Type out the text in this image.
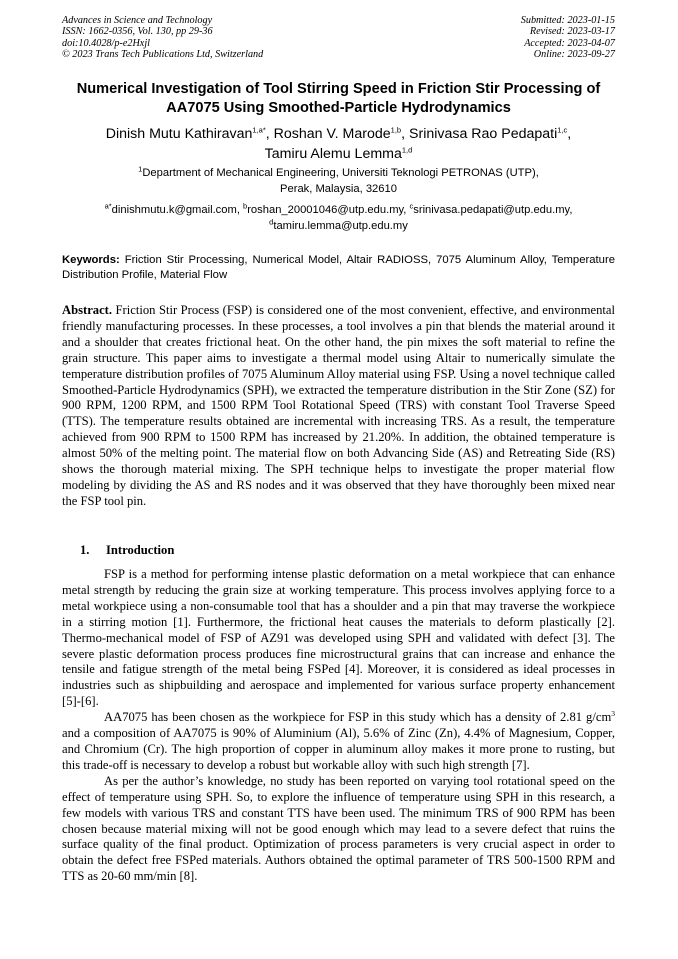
Advances in Science and Technology
ISSN: 1662-0356, Vol. 130, pp 29-36
doi:10.4028/p-e2Hxjl
© 2023 Trans Tech Publications Ltd, Switzerland
Submitted: 2023-01-15
Revised: 2023-03-17
Accepted: 2023-04-07
Online: 2023-09-27
Numerical Investigation of Tool Stirring Speed in Friction Stir Processing of AA7075 Using Smoothed-Particle Hydrodynamics
Dinish Mutu Kathiravan$^{1,a*}$, Roshan V. Marode$^{1,b}$, Srinivasa Rao Pedapati$^{1,c}$,
Tamiru Alemu Lemma$^{1,d}$
$^1$Department of Mechanical Engineering, Universiti Teknologi PETRONAS (UTP),
Perak, Malaysia, 32610
$^{a*}$dinishmutu.k@gmail.com, $^b$roshan_20001046@utp.edu.my, $^c$srinivasa.pedapati@utp.edu.my,
$^d$tamiru.lemma@utp.edu.my
Keywords: Friction Stir Processing, Numerical Model, Altair RADIOSS, 7075 Aluminum Alloy, Temperature Distribution Profile, Material Flow
Abstract. Friction Stir Process (FSP) is considered one of the most convenient, effective, and environmental friendly manufacturing processes. In these processes, a tool involves a pin that blends the material around it and a shoulder that creates frictional heat. On the other hand, the pin mixes the soft material to refine the grain structure. This paper aims to investigate a thermal model using Altair to numerically simulate the temperature distribution profiles of 7075 Aluminum Alloy material using FSP. Using a novel technique called Smoothed-Particle Hydrodynamics (SPH), we extracted the temperature distribution in the Stir Zone (SZ) for 900 RPM, 1200 RPM, and 1500 RPM Tool Rotational Speed (TRS) with constant Tool Traverse Speed (TTS). The temperature results obtained are incremental with increasing TRS. As a result, the temperature achieved from 900 RPM to 1500 RPM has increased by 21.20%. In addition, the obtained temperature is almost 50% of the melting point. The material flow on both Advancing Side (AS) and Retreating Side (RS) shows the thorough material mixing. The SPH technique helps to investigate the proper material flow modeling by dividing the AS and RS nodes and it was observed that they have thoroughly been mixed near the FSP tool pin.
1. Introduction

FSP is a method for performing intense plastic deformation on a metal workpiece that can enhance metal strength by reducing the grain size at working temperature. This process involves applying force to a metal workpiece using a non-consumable tool that has a shoulder and a pin that may traverse the workpiece in a stirring motion [1]. Furthermore, the frictional heat causes the materials to deform plastically [2]. Thermo-mechanical model of FSP of AZ91 was developed using SPH and validated with defect [3]. The severe plastic deformation process produces fine microstructural grains that can increase and enhance the tensile and fatigue strength of the metal being FSPed [4]. Moreover, it is considered as ideal processes in industries such as shipbuilding and aerospace and implemented for various surface property enhancement [5]-[6].

AA7075 has been chosen as the workpiece for FSP in this study which has a density of 2.81 $g/cm^3$ and a composition of AA7075 is 90% of Aluminium (Al), 5.6% of Zinc (Zn), 4.4% of Magnesium, Copper, and Chromium (Cr). The high proportion of copper in aluminum alloy makes it more prone to rusting, but this trade-off is necessary to develop a robust but workable alloy with such high strength [7].

As per the author’s knowledge, no study has been reported on varying tool rotational speed on the effect of temperature using SPH. So, to explore the influence of temperature using SPH in this research, a few models with various TRS and constant TTS have been used. The minimum TRS of 900 RPM has been chosen because material mixing will not be good enough which may lead to a severe defect that ruins the surface quality of the final product. Optimization of process parameters is very crucial aspect in order to obtain the defect free FSPed materials. Authors obtained the optimal parameter of TRS 500-1500 RPM and TTS as 20-60 mm/min [8].
